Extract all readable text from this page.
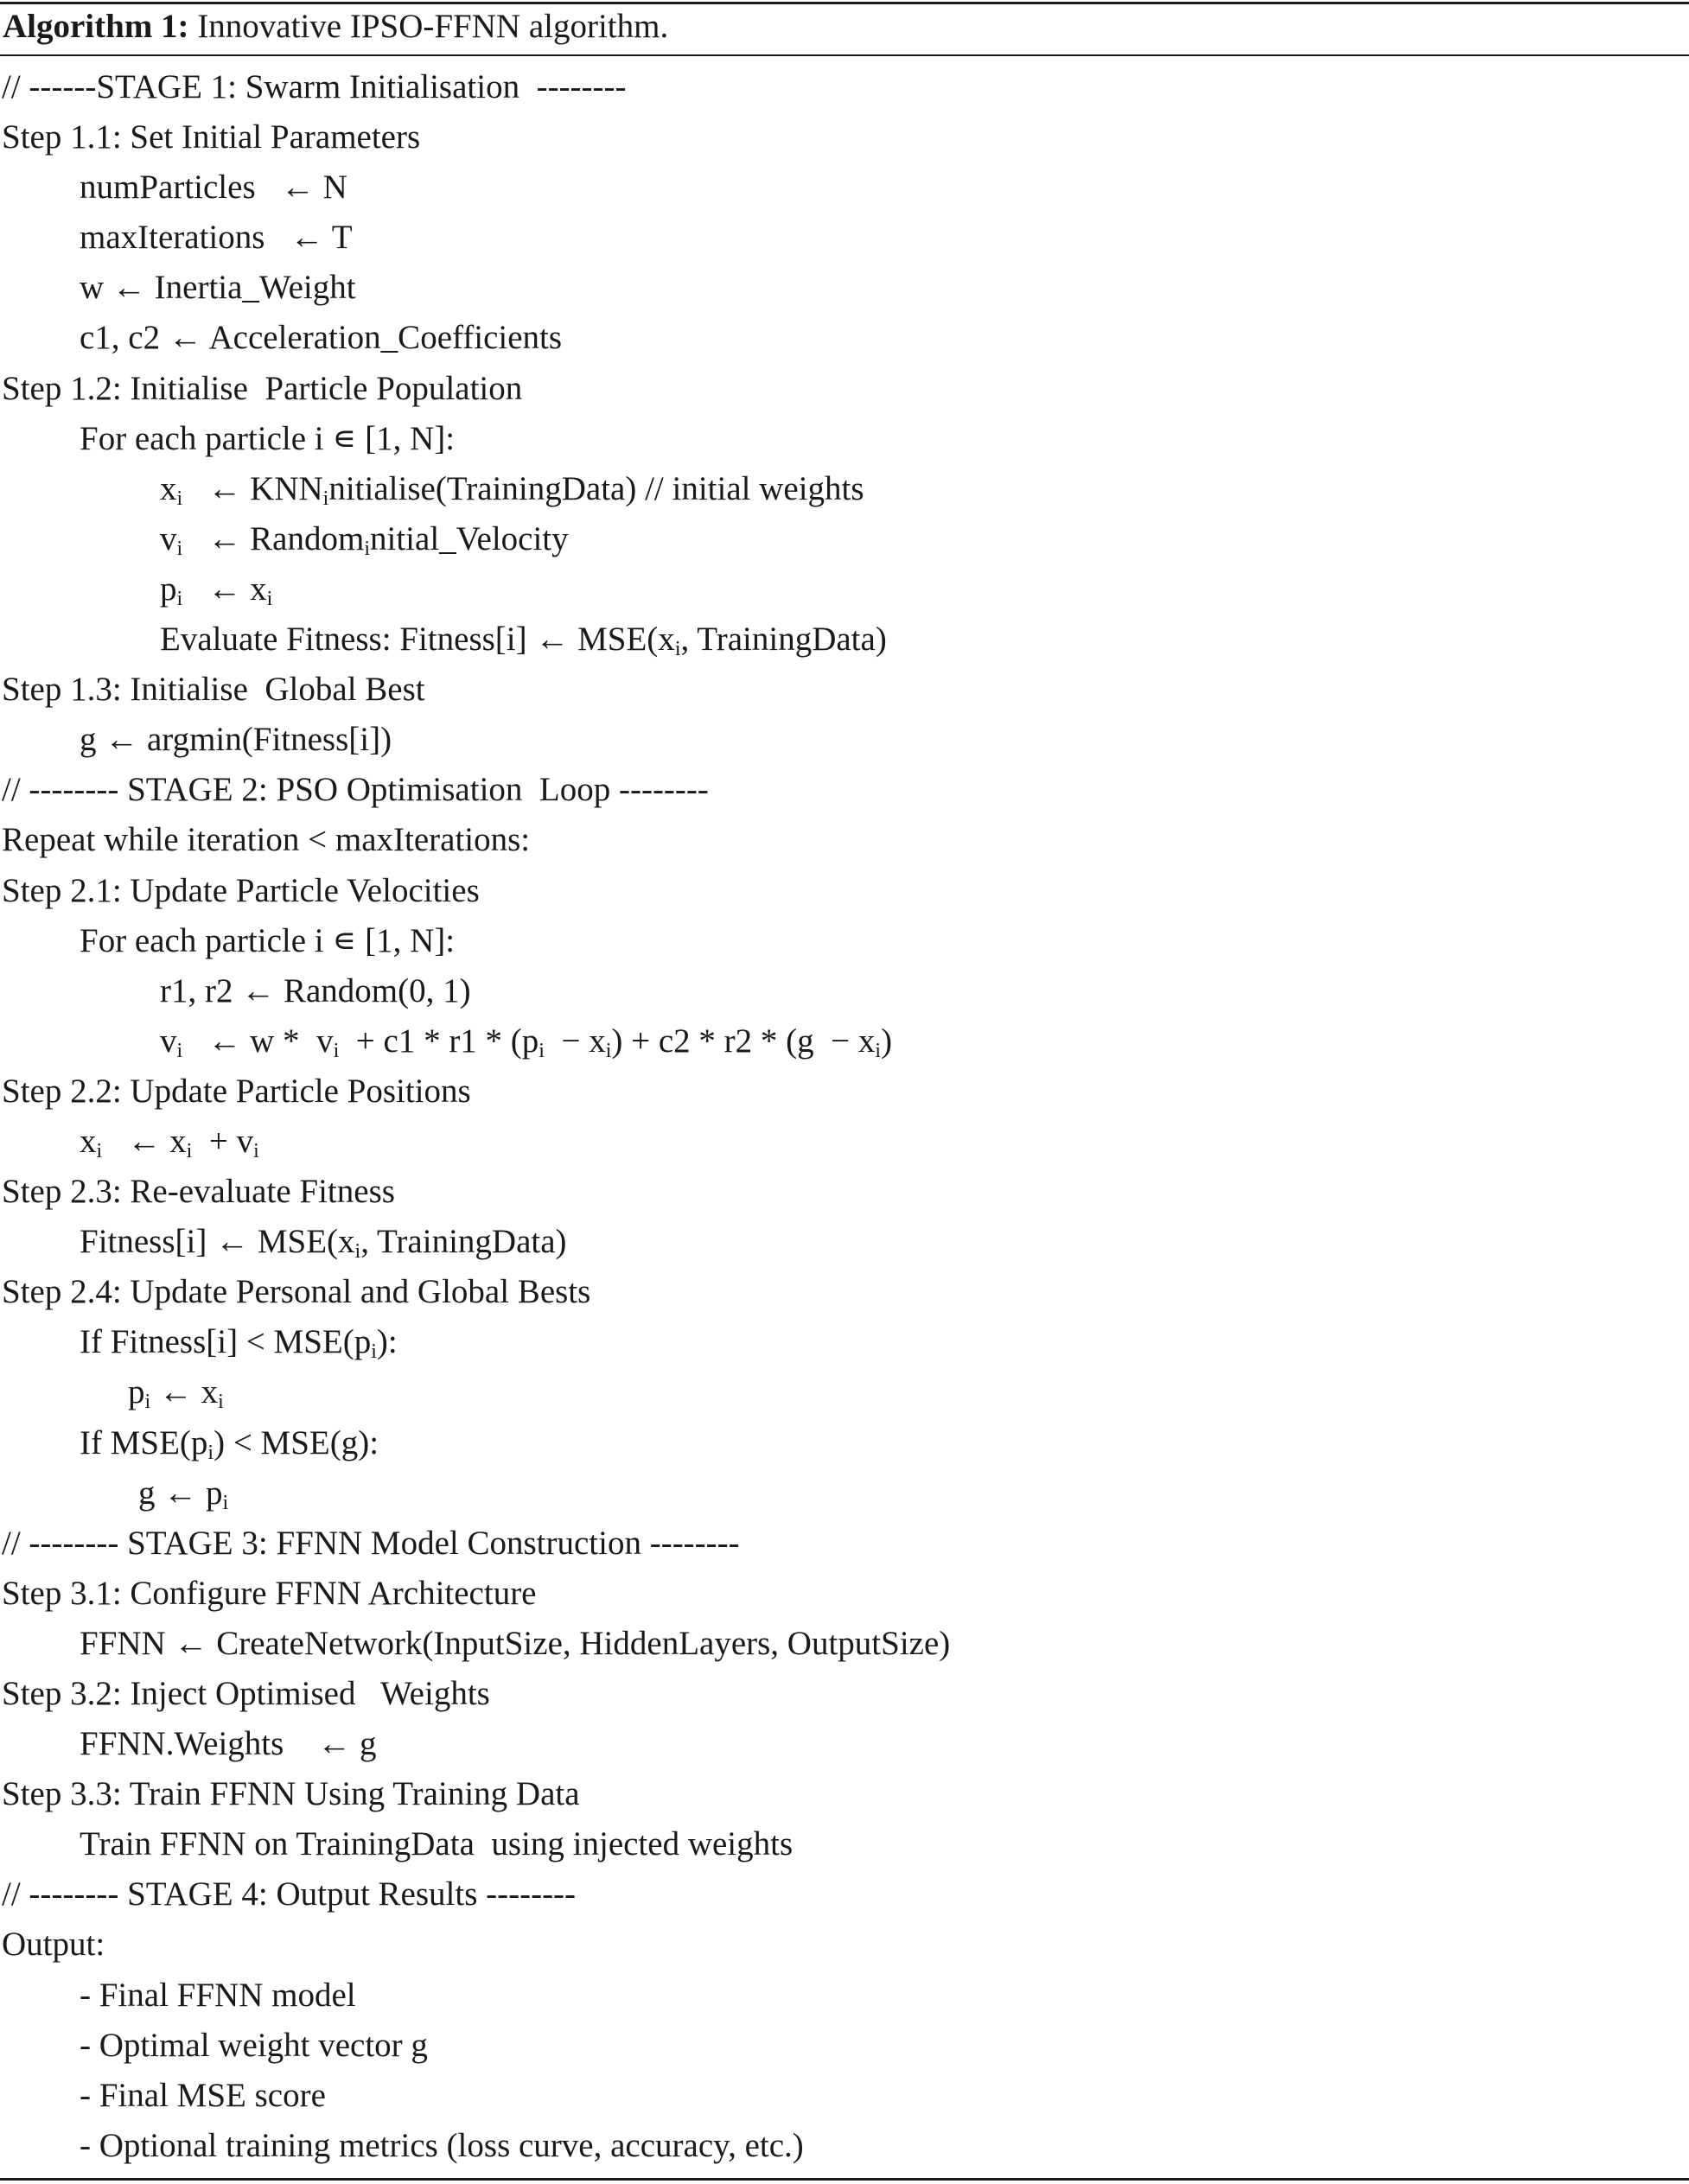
Algorithm 1: Innovative IPSO-FFNN algorithm.
// ------STAGE 1: Swarm Initialisation  --------
Step 1.1: Set Initial Parameters
numParticles   ← N
maxIterations   ← T
w ← Inertia_Weight
c1, c2 ← Acceleration_Coefficients
Step 1.2: Initialise  Particle Population
For each particle i ∊ [1, N]:
$x_i$   ← $KNN_initialise(TrainingData)$ // initial weights
$v_i$   ← Random$_i$nitial_Velocity
$p_i$   ← $x_i$
Evaluate Fitness: Fitness[i] ← $MSE(x_i$, TrainingData)
Step 1.3: Initialise  Global Best
g ← argmin(Fitness[i])
// -------- STAGE 2: PSO Optimisation  Loop --------
Repeat while iteration < maxIterations:
Step 2.1: Update Particle Velocities
For each particle i ∊ [1, N]:
r1, r2 ← Random(0, 1)
$v_i$   ← $w * v_i + c1 * r1 * (p_i - x_i) + c2 * r2 * (g - x_i)$
Step 2.2: Update Particle Positions
$x_i$   ← $x_i + v_i$
Step 2.3: Re-evaluate Fitness
Fitness[i] ← $MSE(x_i$, TrainingData)
Step 2.4: Update Personal and Global Bests
If Fitness[i] < $MSE(p_i)$:
$p_i$ ← $x_i$
If $MSE(p_i) < MSE(g)$:
g ← $p_i$
// -------- STAGE 3: FFNN Model Construction --------
Step 3.1: Configure FFNN Architecture
FFNN ← CreateNetwork(InputSize, HiddenLayers, OutputSize)
Step 3.2: Inject Optimised   Weights
FFNN.Weights    ← g
Step 3.3: Train FFNN Using Training Data
Train FFNN on TrainingData  using injected weights
// -------- STAGE 4: Output Results --------
Output:
- Final FFNN model
- Optimal weight vector g
- Final MSE score
- Optional training metrics (loss curve, accuracy, etc.)
